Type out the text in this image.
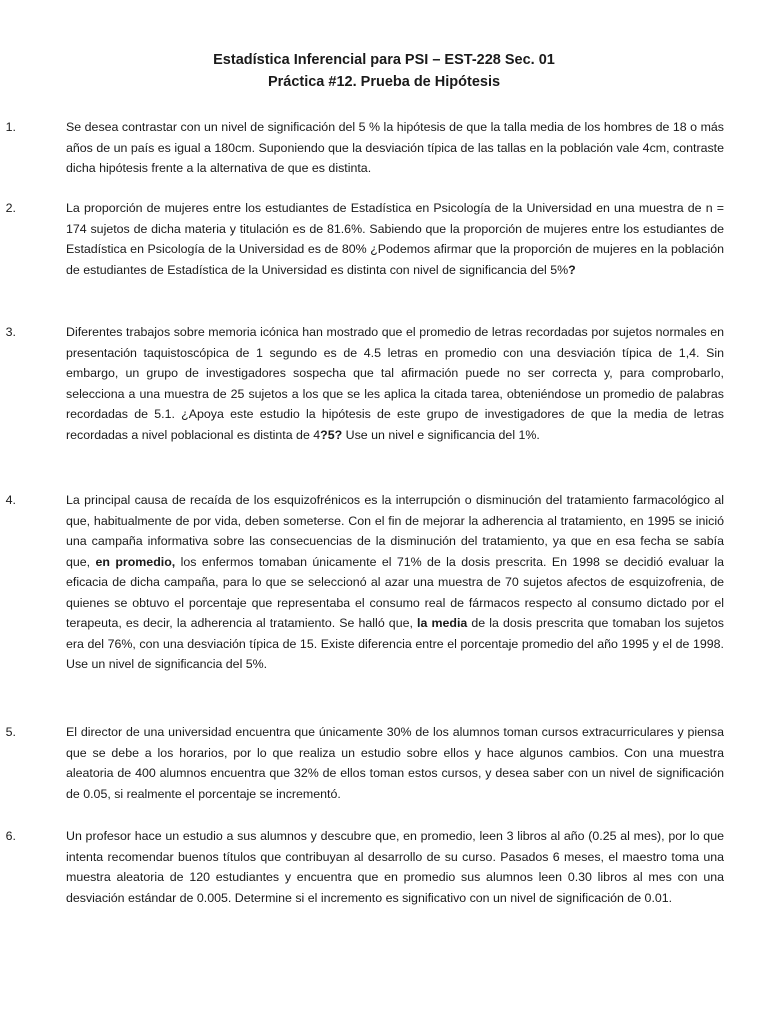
Estadística Inferencial para PSI – EST-228 Sec. 01

Práctica #12. Prueba de Hipótesis

1.	Se desea contrastar con un nivel de significación del 5 % la hipótesis de que la talla media de los hombres de 18 o más años de un país es igual a 180cm. Suponiendo que la desviación típica de las tallas en la población vale 4cm, contraste dicha hipótesis frente a la alternativa de que es distinta.
2.	La proporción de mujeres entre los estudiantes de Estadística en Psicología de la Universidad en una muestra de n = 174 sujetos de dicha materia y titulación es de 81.6%. Sabiendo que la proporción de mujeres entre los estudiantes de Estadística en Psicología de la Universidad es de 80% ¿Podemos afirmar que la proporción de mujeres en la población de estudiantes de Estadística de la Universidad es distinta con nivel de significancia del 5%?
3.	Diferentes trabajos sobre memoria icónica han mostrado que el promedio de letras recordadas por sujetos normales en presentación taquistoscópica de 1 segundo es de 4.5 letras en promedio con una desviación típica de 1,4. Sin embargo, un grupo de investigadores sospecha que tal afirmación puede no ser correcta y, para comprobarlo, selecciona a una muestra de 25 sujetos a los que se les aplica la citada tarea, obteniéndose un promedio de palabras recordadas de 5.1. ¿Apoya este estudio la hipótesis de este grupo de investigadores de que la media de letras recordadas a nivel poblacional es distinta de 4?5? Use un nivel e significancia del 1%.
4.	La principal causa de recaída de los esquizofrénicos es la interrupción o disminución del tratamiento farmacológico al que, habitualmente de por vida, deben someterse. Con el fin de mejorar la adherencia al tratamiento, en 1995 se inició una campaña informativa sobre las consecuencias de la disminución del tratamiento, ya que en esa fecha se sabía que, en promedio, los enfermos tomaban únicamente el 71% de la dosis prescrita. En 1998 se decidió evaluar la eficacia de dicha campaña, para lo que se seleccionó al azar una muestra de 70 sujetos afectos de esquizofrenia, de quienes se obtuvo el porcentaje que representaba el consumo real de fármacos respecto al consumo dictado por el terapeuta, es decir, la adherencia al tratamiento. Se halló que, la media de la dosis prescrita que tomaban los sujetos era del 76%, con una desviación típica de 15. Existe diferencia entre el porcentaje promedio del año 1995 y el de 1998. Use un nivel de significancia del 5%.
5.	El director de una universidad encuentra que únicamente 30% de los alumnos toman cursos extracurriculares y piensa que se debe a los horarios, por lo que realiza un estudio sobre ellos y hace algunos cambios. Con una muestra aleatoria de 400 alumnos encuentra que 32% de ellos toman estos cursos, y desea saber con un nivel de significación de 0.05, si realmente el porcentaje se incrementó.
6.	Un profesor hace un estudio a sus alumnos y descubre que, en promedio, leen 3 libros al año (0.25 al mes), por lo que intenta recomendar buenos títulos que contribuyan al desarrollo de su curso. Pasados 6 meses, el maestro toma una muestra aleatoria de 120 estudiantes y encuentra que en promedio sus alumnos leen 0.30 libros al mes con una desviación estándar de 0.005. Determine si el incremento es significativo con un nivel de significación de 0.01.
